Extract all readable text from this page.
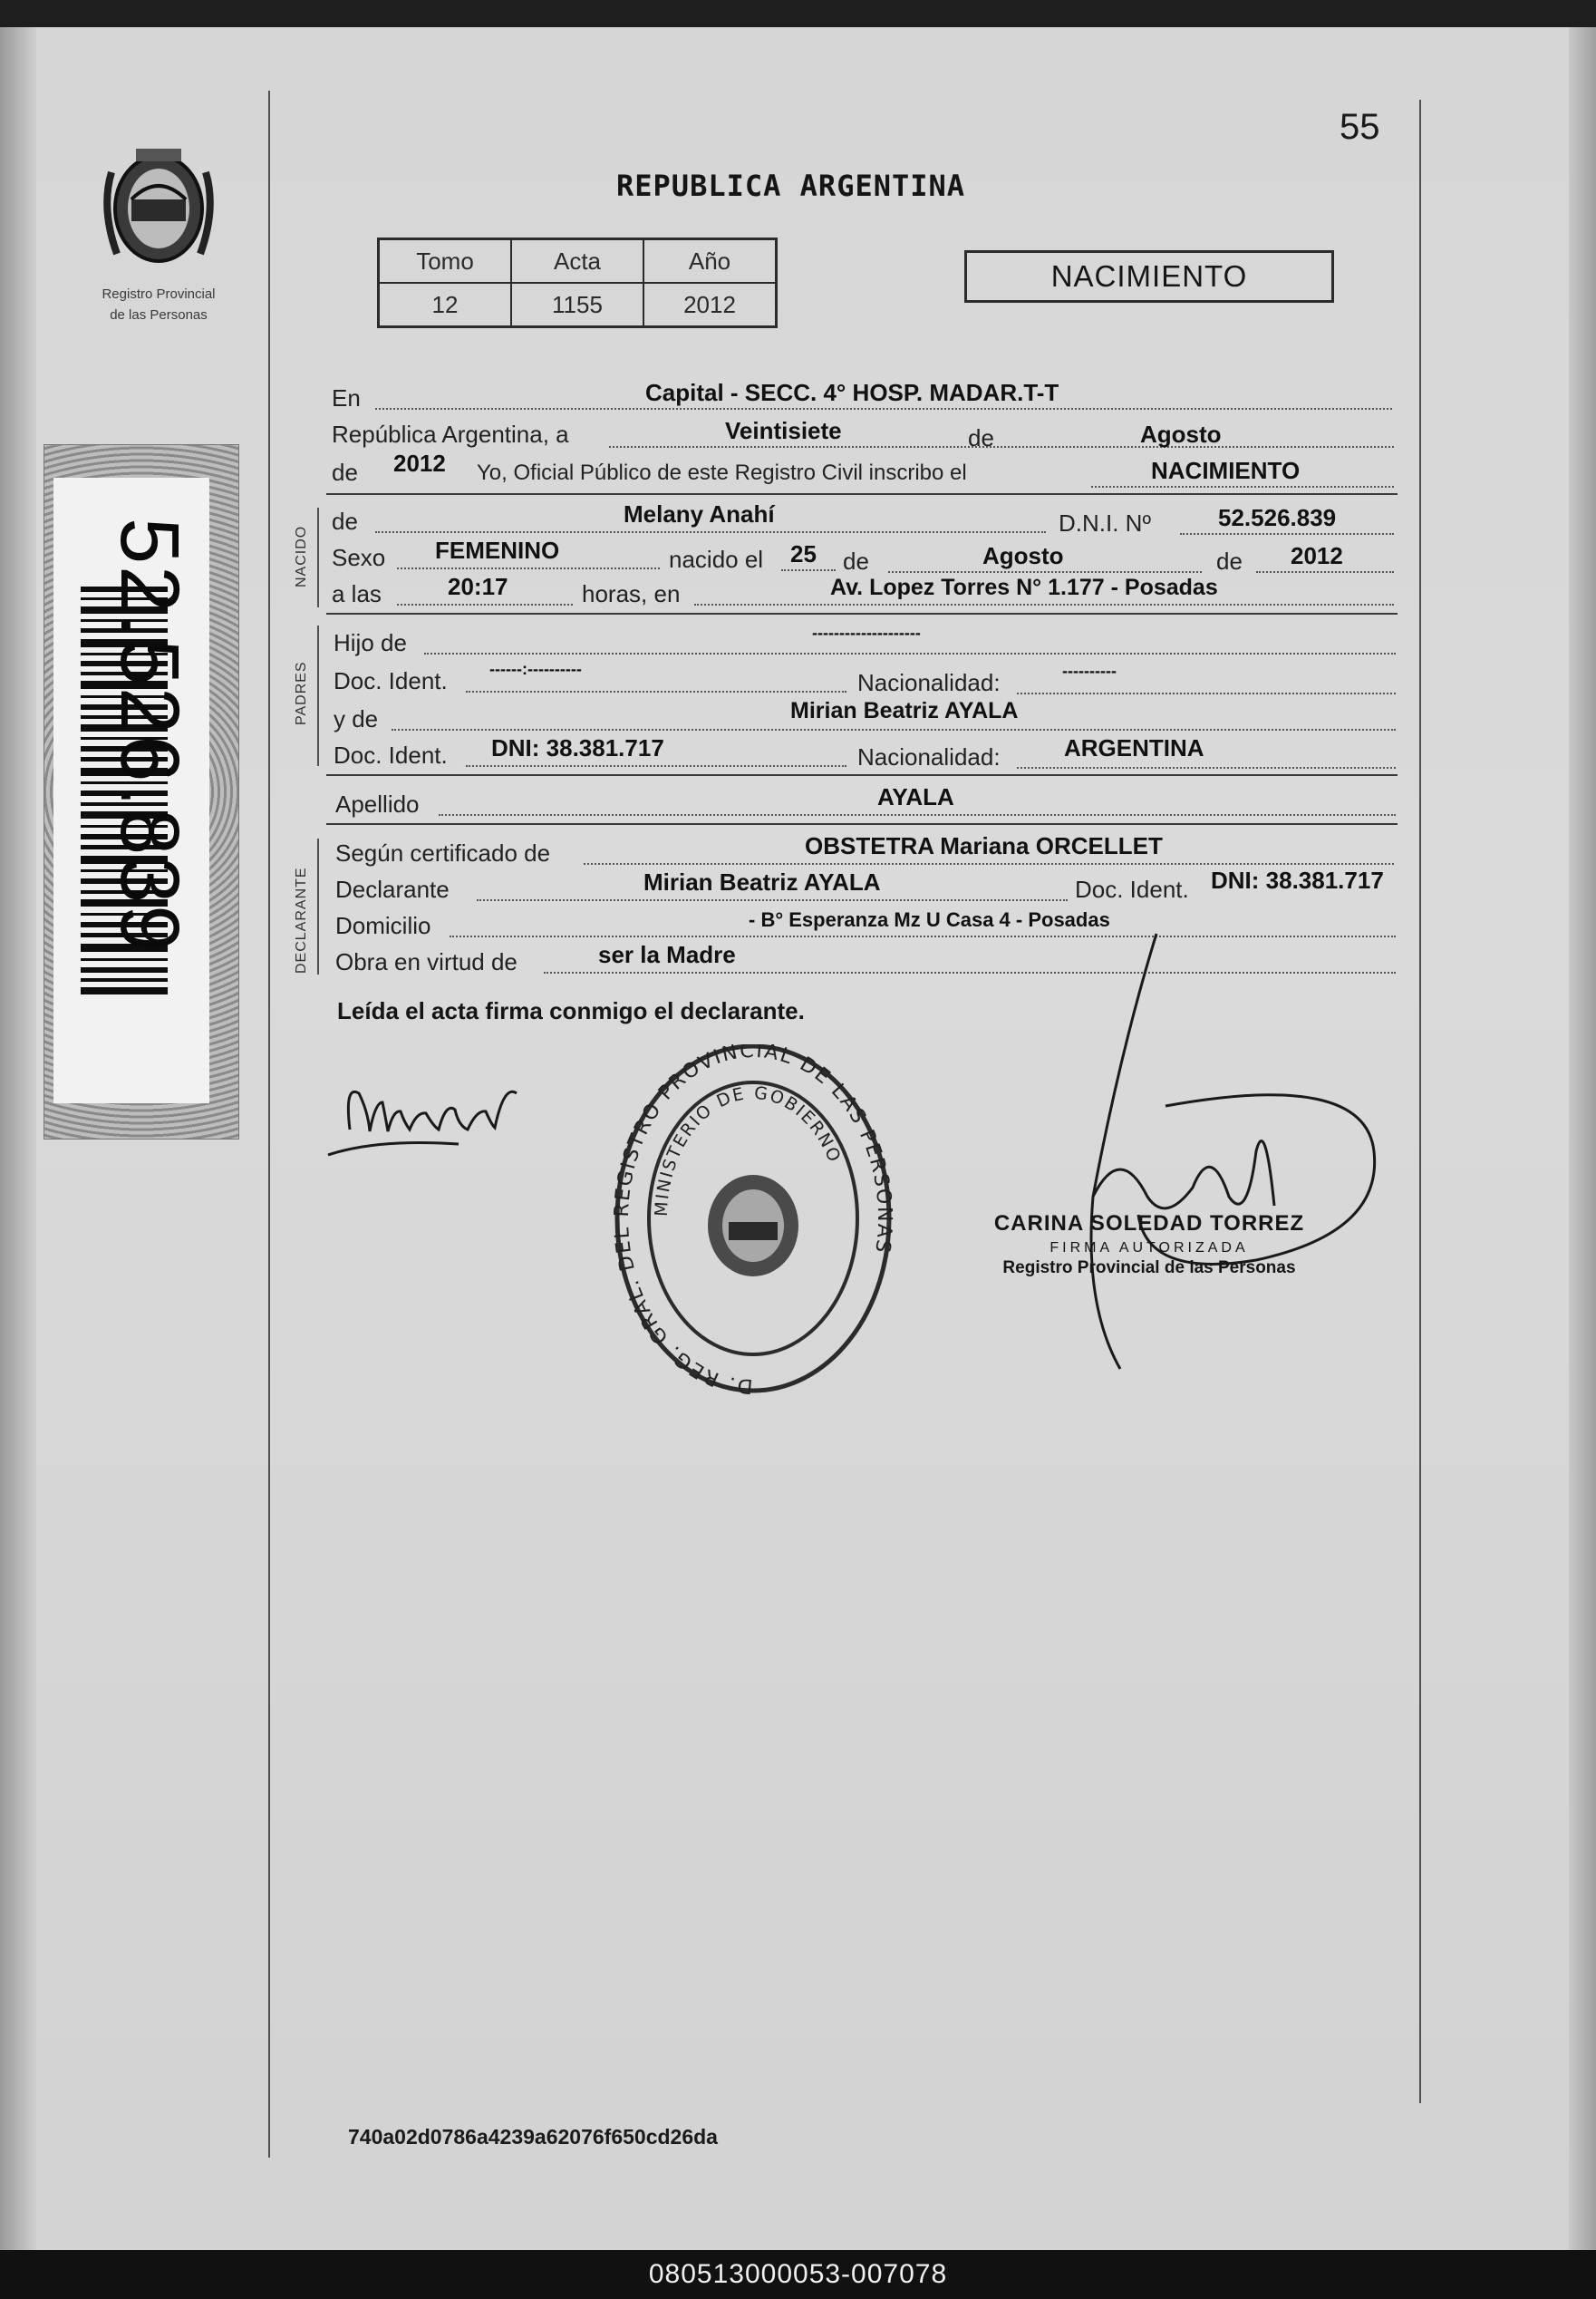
Registro Provincial
de las Personas
52.526.839
55
REPUBLICA ARGENTINA
Tomo	Acta	Año
12	1155	2012
NACIMIENTO
En	Capital - SECC. 4° HOSP. MADAR.T-T
República Argentina, a	Veintisiete	de	Agosto
de 2012 Yo, Oficial Público de este Registro Civil inscribo el	NACIMIENTO
NACIDO
de	Melany Anahí	D.N.I. Nº	52.526.839
Sexo FEMENINO	nacido el 25 de	Agosto	de 2012
a las	20:17	horas, en	Av. Lopez Torres N° 1.177 - Posadas
PADRES
Hijo de	--------------------
Doc. Ident.	------:----------	Nacionalidad:	----------
y de	Mirian Beatriz AYALA
Doc. Ident. DNI: 38.381.717	Nacionalidad:	ARGENTINA
Apellido	AYALA
DECLARANTE
Según certificado de	OBSTETRA Mariana ORCELLET
Declarante	Mirian Beatriz AYALA	Doc. Ident. DNI: 38.381.717
Domicilio	- B° Esperanza Mz U Casa 4 - Posadas
Obra en virtud de	ser la Madre
Leída el acta firma conmigo el declarante.
D. REG. GRAL. DEL REGISTRO PROVINCIAL DE LAS PERSONAS
MINISTERIO DE GOBIERNO
CARINA SOLEDAD TORREZ
FIRMA AUTORIZADA
Registro Provincial de las Personas
740a02d0786a4239a62076f650cd26da
080513000053-007078
